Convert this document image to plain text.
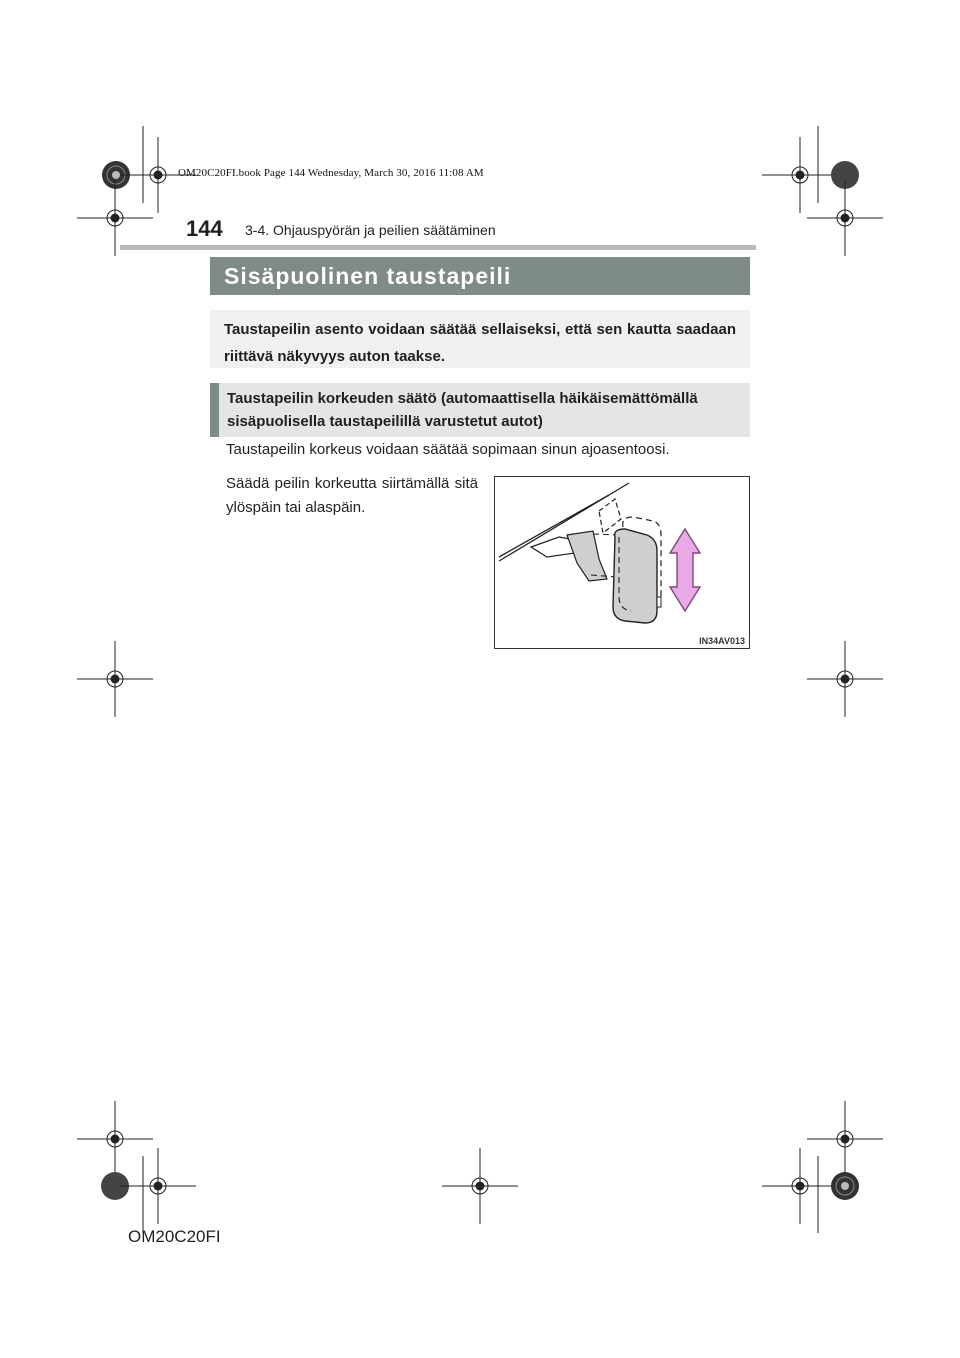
OM20C20FI.book Page 144 Wednesday, March 30, 2016 11:08 AM
144 3-4. Ohjauspyörän ja peilien säätäminen
Sisäpuolinen taustapeili
Taustapeilin asento voidaan säätää sellaiseksi, että sen kautta saadaan riittävä näkyvyys auton taakse.
Taustapeilin korkeuden säätö (automaattisella häikäisemättömällä sisäpuolisella taustapeilillä varustetut autot)
Taustapeilin korkeus voidaan säätää sopimaan sinun ajoasentoosi.
Säädä peilin korkeutta siirtämällä sitä ylöspäin tai alaspäin.
IN34AV013
OM20C20FI
